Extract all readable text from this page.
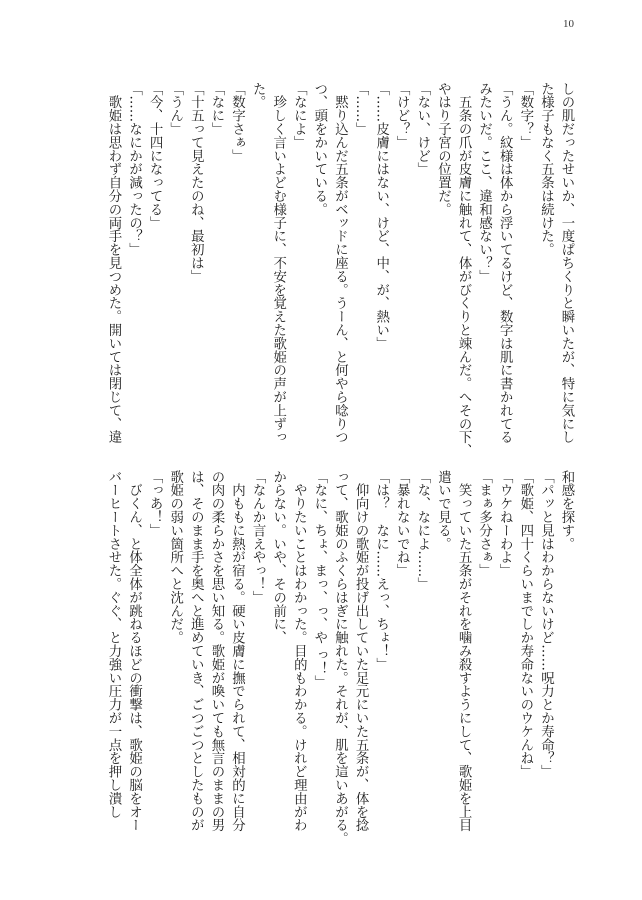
10
しの肌だったせいか、一度ぱちくりと瞬いたが、特に気にし
た様子もなく五条は続けた。
「数字？」
「うん。紋様は体から浮いてるけど、数字は肌に書かれてる
みたいだ。ここ、違和感ない？」
　五条の爪が皮膚に触れて、体がびくりと竦んだ。へその下、
やはり子宮の位置だ。
「ない、けど」
「けど？」
「……皮膚にはない、けど、中、が、熱い」
「……」
　黙り込んだ五条がベッドに座る。うーん、と何やら唸りつ
つ、頭をかいている。
「なによ」
　珍しく言いよどむ様子に、不安を覚えた歌姫の声が上ずっ
た。
「数字さぁ」
「なに」
「十五って見えたのね、最初は」
「うん」
「今、十四になってる」
「……なにかが減ったの？」
　歌姫は思わず自分の両手を見つめた。開いては閉じて、違
和感を探す。
「パッと見はわからないけど……呪力とか寿命？」
「歌姫、四十くらいまでしか寿命ないのウケんね」
「ウケねーわよ」
「まぁ多分さぁ」
　笑っていた五条がそれを噛み殺すようにして、歌姫を上目
遣いで見る。
「な、なによ……」
「暴れないでね」
「は？　なに……えっ、ちょ！」
　仰向けの歌姫が投げ出していた足元にいた五条が、体を捻
って、歌姫のふくらはぎに触れた。それが、肌を這いあがる。
「なに、ちょ、まっ、っ、や っ！」
　やりたいことはわかった。目的もわかる。けれど理由がわ
からない。いや、その前に、
「なんか言えやっ！」
　内ももに熱が宿る。硬い皮膚に撫でられて、相対的に自分
の肉の柔らかさを思い知る。歌姫が喚いても無言のままの男
は、そのまま手を奥へと進めていき、ごつごつとしたものが
歌姫の弱い箇所へと沈んだ。
「っあ！」
　びくん、と体全体が跳ねるほどの衝撃は、歌姫の脳をオー
バーヒートさせた。ぐぐ、と力強い圧力が一点を押し潰し
